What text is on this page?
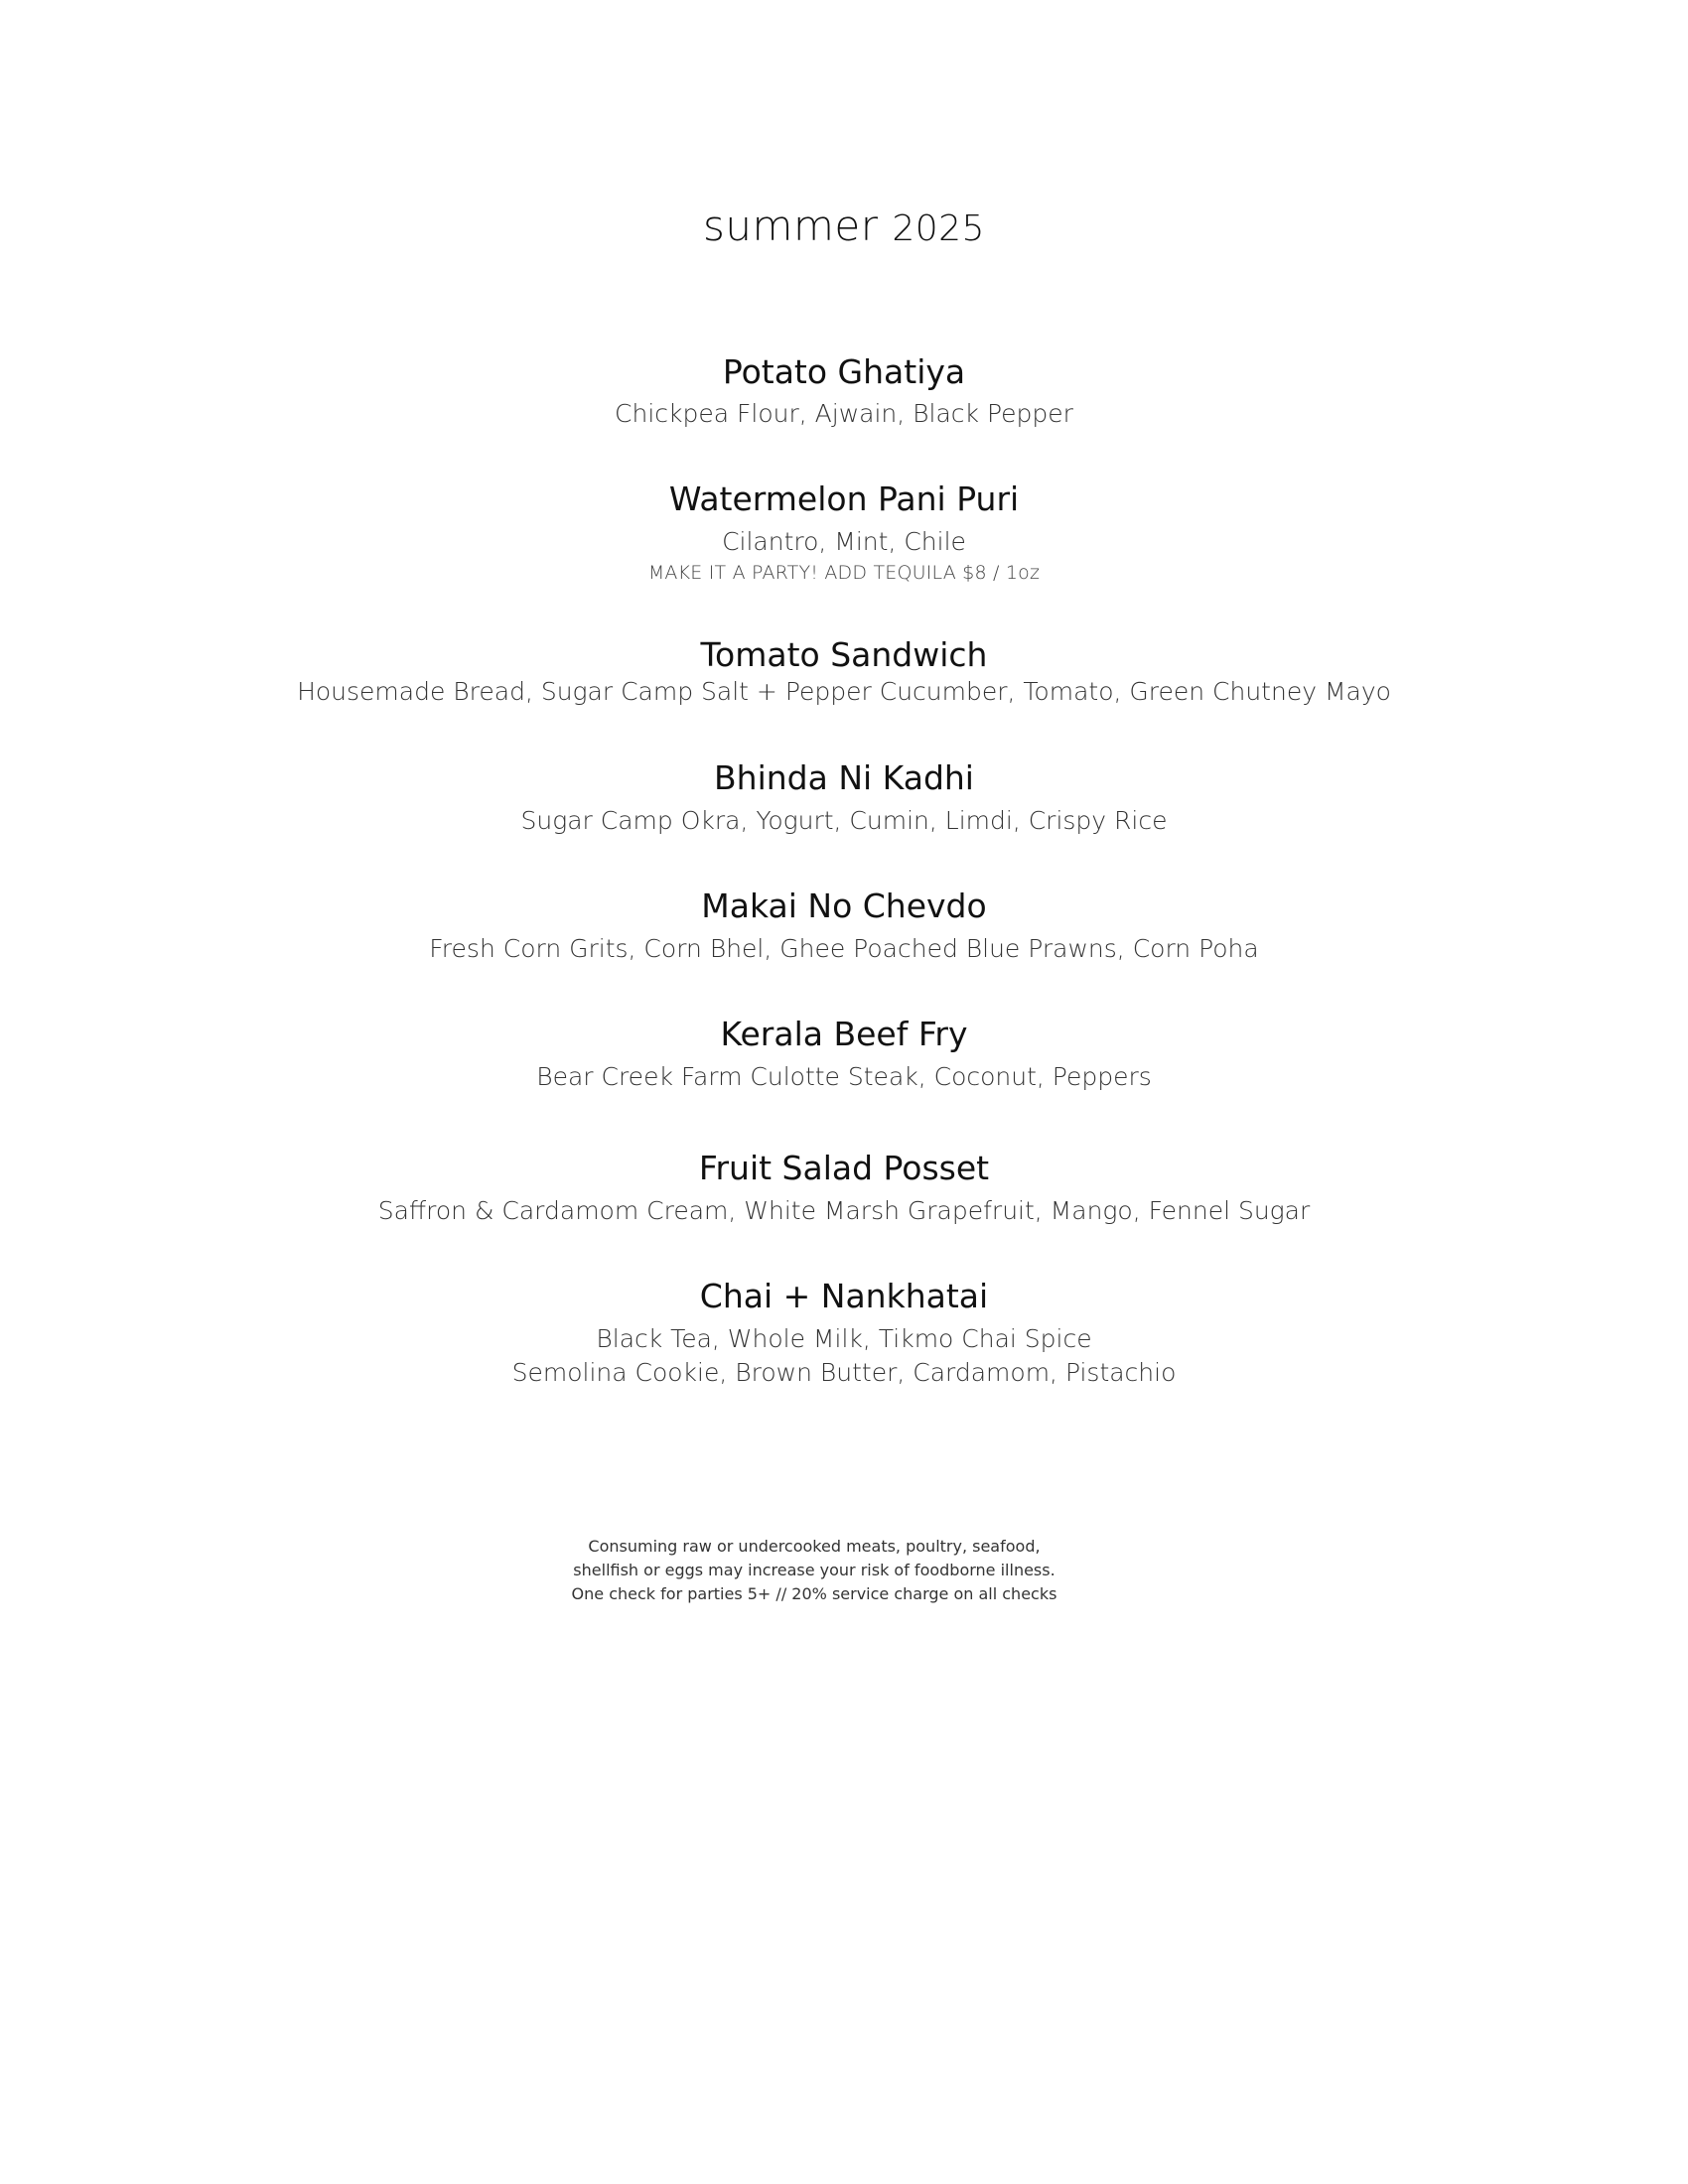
summer 2025
Potato Ghatiya
Chickpea Flour, Ajwain, Black Pepper
Watermelon Pani Puri
Cilantro, Mint, Chile
MAKE IT A PARTY! ADD TEQUILA $8 / 1oz
Tomato Sandwich
Housemade Bread, Sugar Camp Salt + Pepper Cucumber, Tomato, Green Chutney Mayo
Bhinda Ni Kadhi
Sugar Camp Okra, Yogurt, Cumin, Limdi, Crispy Rice
Makai No Chevdo
Fresh Corn Grits, Corn Bhel, Ghee Poached Blue Prawns, Corn Poha
Kerala Beef Fry
Bear Creek Farm Culotte Steak, Coconut, Peppers
Fruit Salad Posset
Saffron & Cardamom Cream, White Marsh Grapefruit, Mango, Fennel Sugar
Chai + Nankhatai
Black Tea, Whole Milk, Tikmo Chai Spice
Semolina Cookie, Brown Butter, Cardamom, Pistachio
Consuming raw or undercooked meats, poultry, seafood,
shellfish or eggs may increase your risk of foodborne illness.
One check for parties 5+ // 20% service charge on all checks
